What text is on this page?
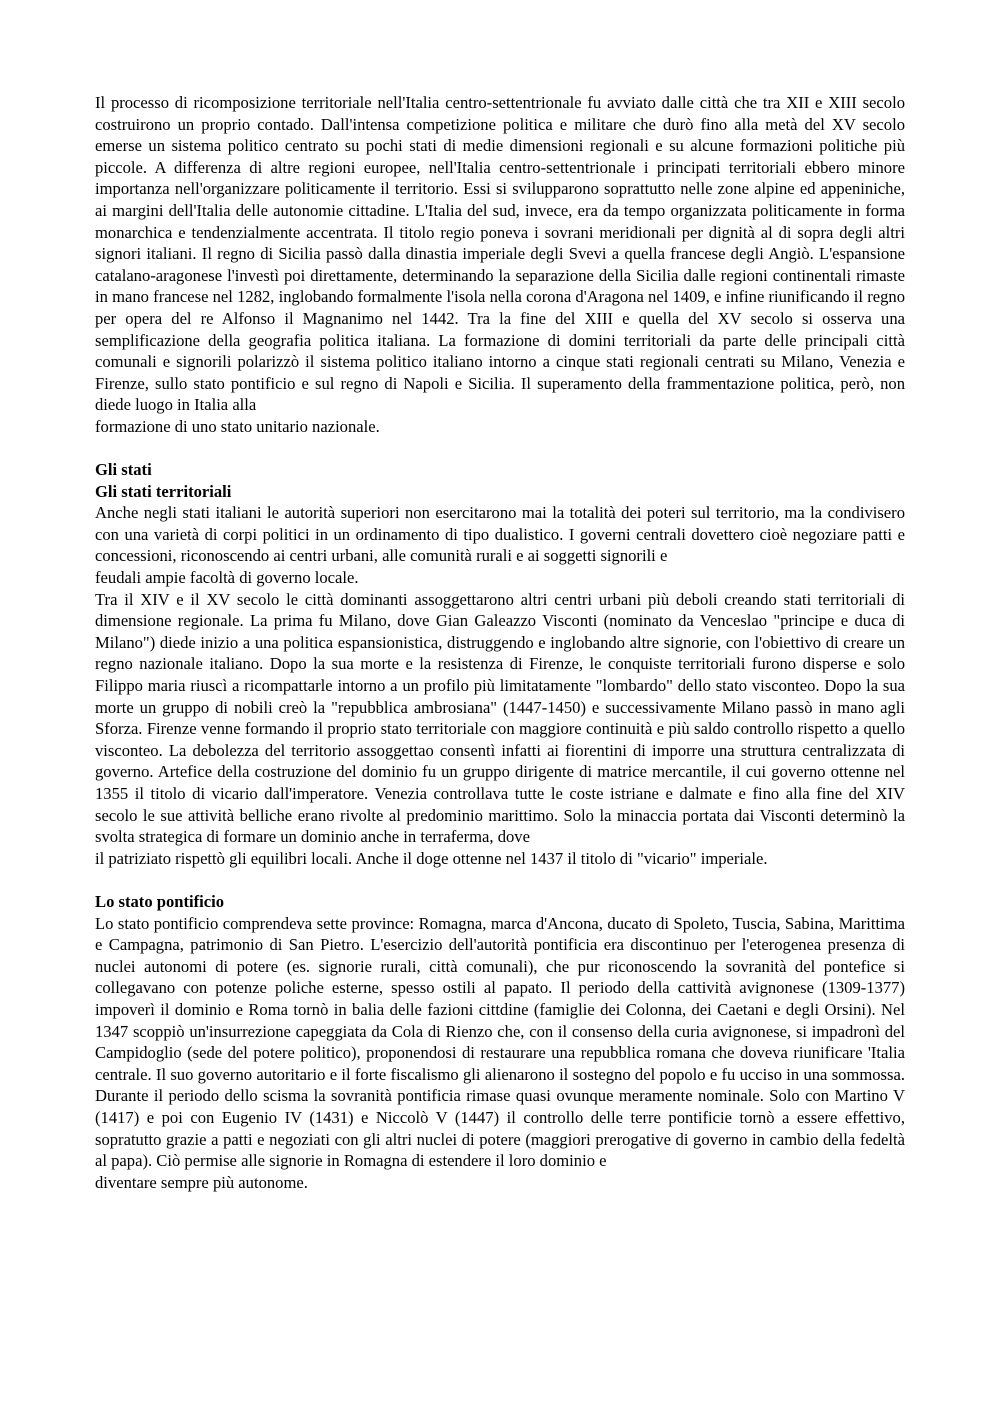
Il processo di ricomposizione territoriale nell'Italia centro-settentrionale fu avviato dalle città che tra XII e XIII secolo costruirono un proprio contado. Dall'intensa competizione politica e militare che durò fino alla metà del XV secolo emerse un sistema politico centrato su pochi stati di medie dimensioni regionali e su alcune formazioni politiche più piccole. A differenza di altre regioni europee, nell'Italia centro-settentrionale i principati territoriali ebbero minore importanza nell'organizzare politicamente il territorio. Essi si svilupparono soprattutto nelle zone alpine ed appeniniche, ai margini dell'Italia delle autonomie cittadine. L'Italia del sud, invece, era da tempo organizzata politicamente in forma monarchica e tendenzialmente accentrata. Il titolo regio poneva i sovrani meridionali per dignità al di sopra degli altri signori italiani. Il regno di Sicilia passò dalla dinastia imperiale degli Svevi a quella francese degli Angiò. L'espansione catalano-aragonese l'investì poi direttamente, determinando la separazione della Sicilia dalle regioni continentali rimaste in mano francese nel 1282, inglobando formalmente l'isola nella corona d'Aragona nel 1409, e infine riunificando il regno per opera del re Alfonso il Magnanimo nel 1442. Tra la fine del XIII e quella del XV secolo si osserva una semplificazione della geografia politica italiana. La formazione di domini territoriali da parte delle principali città comunali e signorili polarizzò il sistema politico italiano intorno a cinque stati regionali centrati su Milano, Venezia e Firenze, sullo stato pontificio e sul regno di Napoli e Sicilia. Il superamento della frammentazione politica, però, non diede luogo in Italia alla

formazione di uno stato unitario nazionale.

Gli stati

Gli stati territoriali

Anche negli stati italiani le autorità superiori non esercitarono mai la totalità dei poteri sul territorio, ma la condivisero con una varietà di corpi politici in un ordinamento di tipo dualistico. I governi centrali dovettero cioè negoziare patti e concessioni, riconoscendo ai centri urbani, alle comunità rurali e ai soggetti signorili e

feudali ampie facoltà di governo locale.

Tra il XIV e il XV secolo le città dominanti assoggettarono altri centri urbani più deboli creando stati territoriali di dimensione regionale. La prima fu Milano, dove Gian Galeazzo Visconti (nominato da Venceslao "principe e duca di Milano") diede inizio a una politica espansionistica, distruggendo e inglobando altre signorie, con l'obiettivo di creare un regno nazionale italiano. Dopo la sua morte e la resistenza di Firenze, le conquiste territoriali furono disperse e solo Filippo maria riuscì a ricompattarle intorno a un profilo più limitatamente "lombardo" dello stato visconteo. Dopo la sua morte un gruppo di nobili creò la "repubblica ambrosiana" (1447-1450) e successivamente Milano passò in mano agli Sforza. Firenze venne formando il proprio stato territoriale con maggiore continuità e più saldo controllo rispetto a quello visconteo. La debolezza del territorio assoggettao consentì infatti ai fiorentini di imporre una struttura centralizzata di governo. Artefice della costruzione del dominio fu un gruppo dirigente di matrice mercantile, il cui governo ottenne nel 1355 il titolo di vicario dall'imperatore. Venezia controllava tutte le coste istriane e dalmate e fino alla fine del XIV secolo le sue attività belliche erano rivolte al predominio marittimo. Solo la minaccia portata dai Visconti determinò la svolta strategica di formare un dominio anche in terraferma, dove

il patriziato rispettò gli equilibri locali. Anche il doge ottenne nel 1437 il titolo di "vicario" imperiale.

Lo stato pontificio

Lo stato pontificio comprendeva sette province: Romagna, marca d'Ancona, ducato di Spoleto, Tuscia, Sabina, Marittima e Campagna, patrimonio di San Pietro. L'esercizio dell'autorità pontificia era discontinuo per l'eterogenea presenza di nuclei autonomi di potere (es. signorie rurali, città comunali), che pur riconoscendo la sovranità del pontefice si collegavano con potenze poliche esterne, spesso ostili al papato. Il periodo della cattività avignonese (1309-1377) impoverì il dominio e Roma tornò in balia delle fazioni cittdine (famiglie dei Colonna, dei Caetani e degli Orsini). Nel 1347 scoppiò un'insurrezione capeggiata da Cola di Rienzo che, con il consenso della curia avignonese, si impadronì del Campidoglio (sede del potere politico), proponendosi di restaurare una repubblica romana che doveva riunificare 'Italia centrale. Il suo governo autoritario e il forte fiscalismo gli alienarono il sostegno del popolo e fu ucciso in una sommossa. Durante il periodo dello scisma la sovranità pontificia rimase quasi ovunque meramente nominale. Solo con Martino V (1417) e poi con Eugenio IV (1431) e Niccolò V (1447) il controllo delle terre pontificie tornò a essere effettivo, sopratutto grazie a patti e negoziati con gli altri nuclei di potere (maggiori prerogative di governo in cambio della fedeltà al papa). Ciò permise alle signorie in Romagna di estendere il loro dominio e

diventare sempre più autonome.
